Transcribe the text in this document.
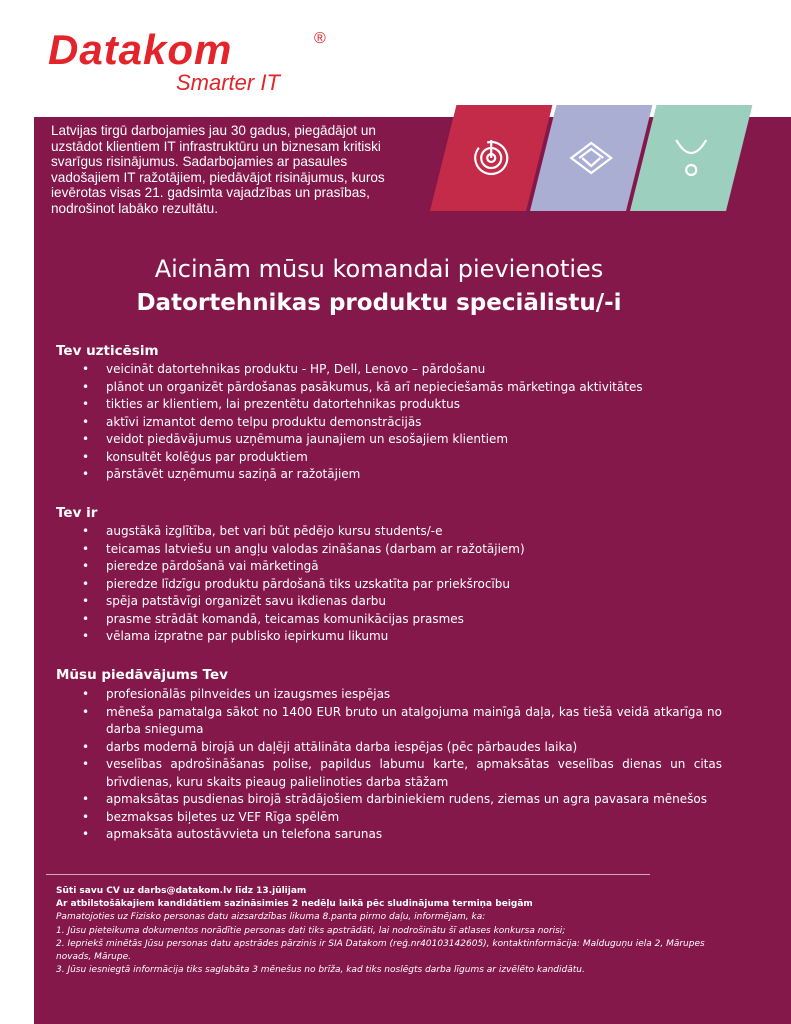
Datakom	®
Smarter IT

Latvijas tirgū darbojamies jau 30 gadus, piegādājot un uzstādot klientiem IT infrastruktūru un biznesam kritiski svarīgus risinājumus. Sadarbojamies ar pasaules vadošajiem IT ražotājiem, piedāvājot risinājumus, kuros ievērotas visas 21. gadsimta vajadzības un prasības, nodrošinot labāko rezultātu.

Aicinām mūsu komandai pievienoties
Datortehnikas produktu speciālistu/-i
Tev uzticēsim
• veicināt datortehnikas produktu - HP, Dell, Lenovo – pārdošanu
• plānot un organizēt pārdošanas pasākumus, kā arī nepieciešamās mārketinga aktivitātes
• tikties ar klientiem, lai prezentētu datortehnikas produktus
• aktīvi izmantot demo telpu produktu demonstrācijās
• veidot piedāvājumus uzņēmuma jaunajiem un esošajiem klientiem
• konsultēt kolēģus par produktiem
• pārstāvēt uzņēmumu saziņā ar ražotājiem
Tev ir
• augstākā izglītība, bet vari būt pēdējo kursu students/-e
• teicamas latviešu un angļu valodas zināšanas (darbam ar ražotājiem)
• pieredze pārdošanā vai mārketingā
• pieredze līdzīgu produktu pārdošanā tiks uzskatīta par priekšrocību
• spēja patstāvīgi organizēt savu ikdienas darbu
• prasme strādāt komandā, teicamas komunikācijas prasmes
• vēlama izpratne par publisko iepirkumu likumu
Mūsu piedāvājums Tev
• profesionālās pilnveides un izaugsmes iespējas
• mēneša pamatalga sākot no 1400 EUR bruto un atalgojuma mainīgā daļa, kas tiešā veidā atkarīga no darba snieguma
• darbs modernā birojā un daļēji attālināta darba iespējas (pēc pārbaudes laika)
• veselības apdrošināšanas polise, papildus labumu karte, apmaksātas veselības dienas un citas brīvdienas, kuru skaits pieaug palielinoties darba stāžam
• apmaksātas pusdienas birojā strādājošiem darbiniekiem rudens, ziemas un agra pavasara mēnešos
• bezmaksas biļetes uz VEF Rīga spēlēm
• apmaksāta autostāvvieta un telefona sarunas
Sūti savu CV uz darbs@datakom.lv līdz 13.jūlijam
Ar atbilstošākajiem kandidātiem sazināsimies 2 nedēļu laikā pēc sludinājuma termiņa beigām
Pamatojoties uz Fizisko personas datu aizsardzības likuma 8.panta pirmo daļu, informējam, ka:
1. Jūsu pieteikuma dokumentos norādītie personas dati tiks apstrādāti, lai nodrošinātu šī atlases konkursa norisi;
2. Iepriekš minētās Jūsu personas datu apstrādes pārzinis ir SIA Datakom (reģ.nr40103142605), kontaktinformācija: Malduguņu iela 2, Mārupes novads, Mārupe.
3. Jūsu iesniegtā informācija tiks saglabāta 3 mēnešus no brīža, kad tiks noslēgts darba līgums ar izvēlēto kandidātu.
